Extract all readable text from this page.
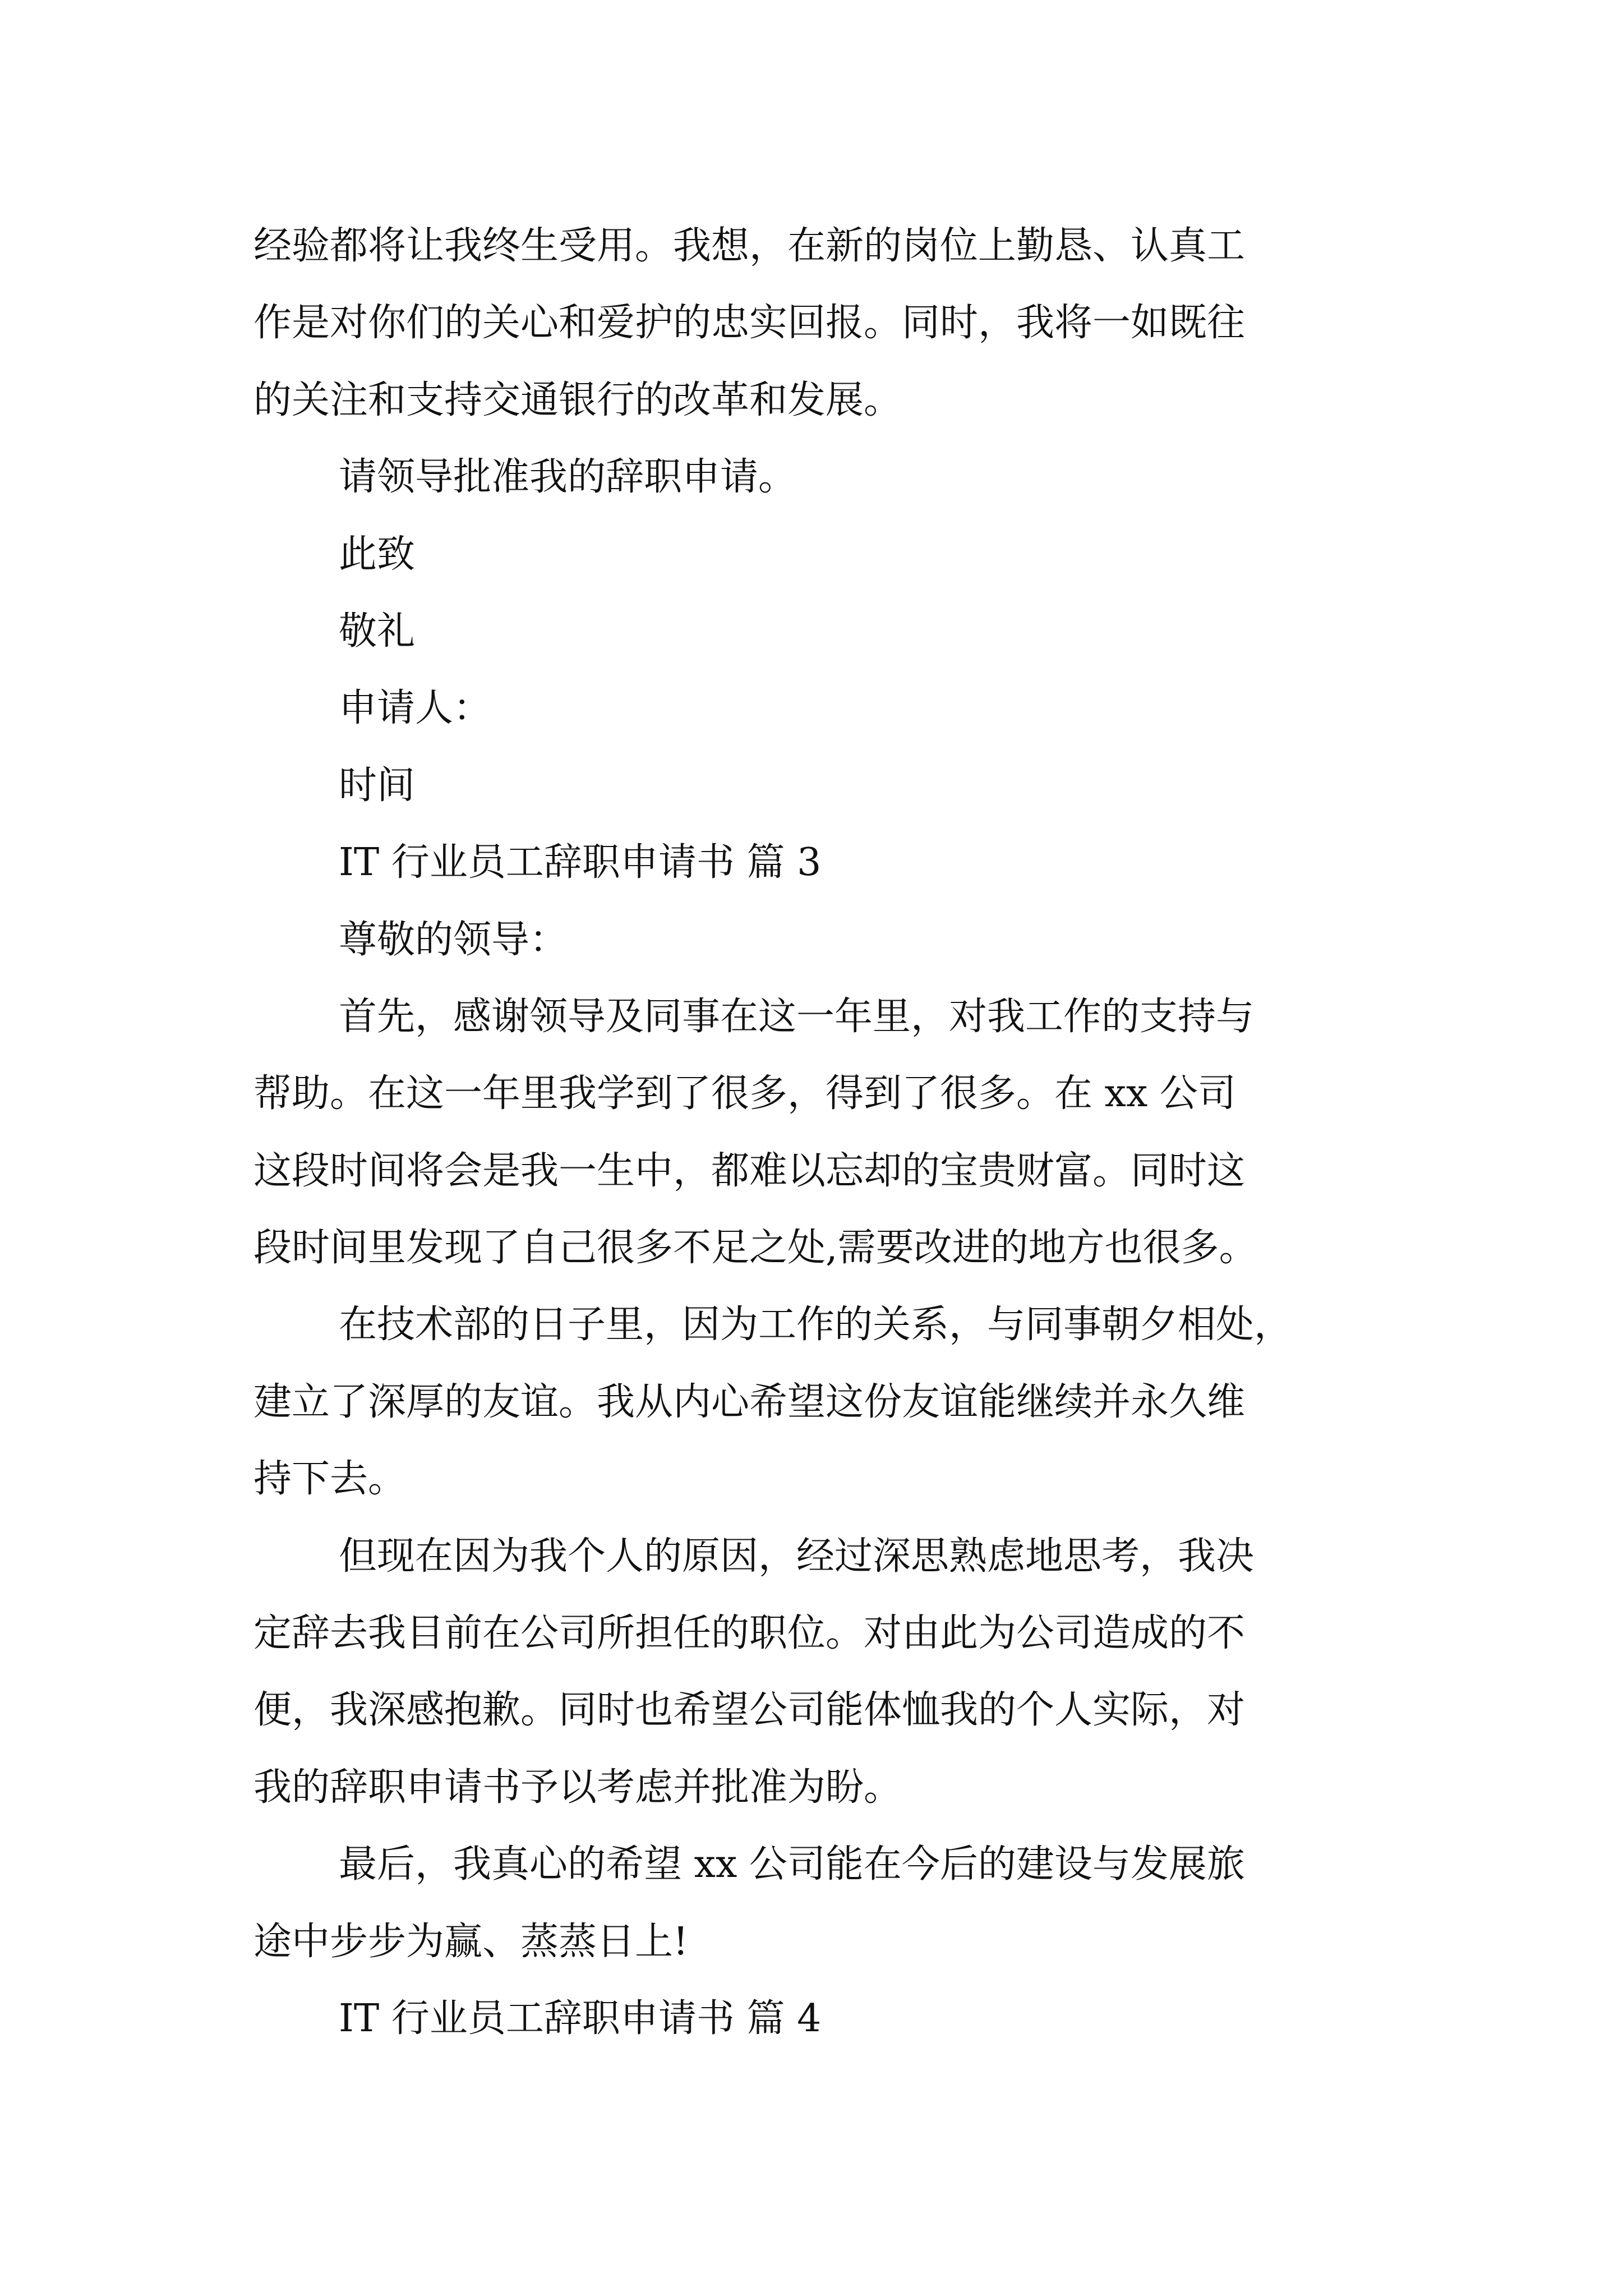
经验都将让我终生受用。我想，在新的岗位上勤恳、认真工

作是对你们的关心和爱护的忠实回报。同时，我将一如既往

的关注和支持交通银行的改革和发展。

请领导批准我的辞职申请。

此致

敬礼

申请人：

时间

IT 行业员工辞职申请书 篇 3

尊敬的领导：

首先，感谢领导及同事在这一年里，对我工作的支持与

帮助。在这一年里我学到了很多，得到了很多。在 xx 公司

这段时间将会是我一生中，都难以忘却的宝贵财富。同时这

段时间里发现了自己很多不足之处,需要改进的地方也很多。

在技术部的日子里，因为工作的关系，与同事朝夕相处，

建立了深厚的友谊。我从内心希望这份友谊能继续并永久维

持下去。

但现在因为我个人的原因，经过深思熟虑地思考，我决

定辞去我目前在公司所担任的职位。对由此为公司造成的不

便，我深感抱歉。同时也希望公司能体恤我的个人实际，对

我的辞职申请书予以考虑并批准为盼。

最后，我真心的希望 xx 公司能在今后的建设与发展旅

途中步步为赢、蒸蒸日上!

IT 行业员工辞职申请书 篇 4
